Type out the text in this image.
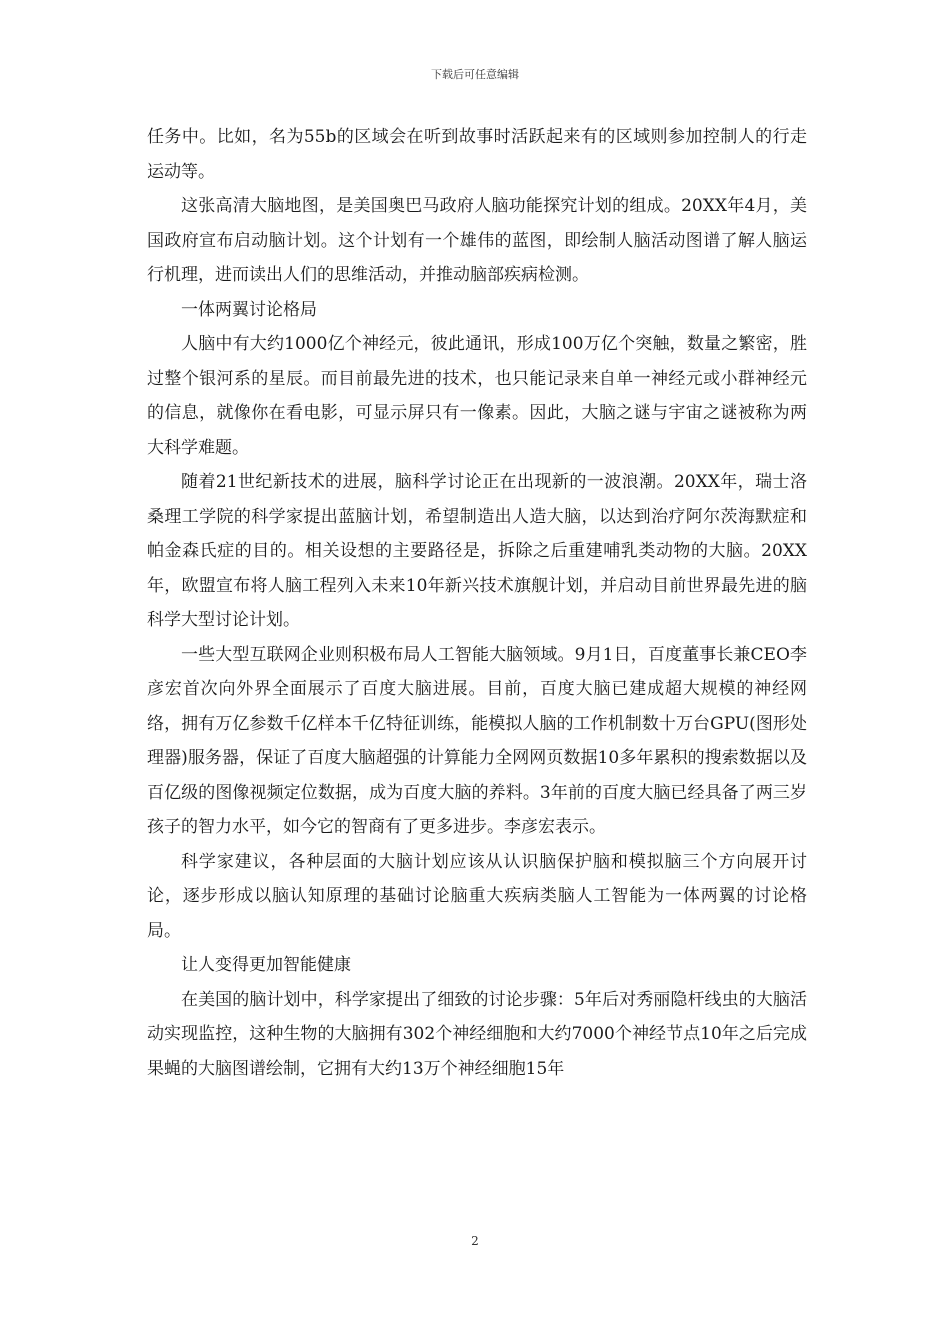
下载后可任意编辑

任务中。比如，名为55b的区域会在听到故事时活跃起来有的区域则参加控制人的行走运动等。

这张高清大脑地图，是美国奥巴马政府人脑功能探究计划的组成。20XX年4月，美国政府宣布启动脑计划。这个计划有一个雄伟的蓝图，即绘制人脑活动图谱了解人脑运行机理，进而读出人们的思维活动，并推动脑部疾病检测。

一体两翼讨论格局

人脑中有大约1000亿个神经元，彼此通讯，形成100万亿个突触，数量之繁密，胜过整个银河系的星辰。而目前最先进的技术，也只能记录来自单一神经元或小群神经元的信息，就像你在看电影，可显示屏只有一像素。因此，大脑之谜与宇宙之谜被称为两大科学难题。

随着21世纪新技术的进展，脑科学讨论正在出现新的一波浪潮。20XX年，瑞士洛桑理工学院的科学家提出蓝脑计划，希望制造出人造大脑，以达到治疗阿尔茨海默症和帕金森氏症的目的。相关设想的主要路径是，拆除之后重建哺乳类动物的大脑。20XX年，欧盟宣布将人脑工程列入未来10年新兴技术旗舰计划，并启动目前世界最先进的脑科学大型讨论计划。

一些大型互联网企业则积极布局人工智能大脑领域。9月1日，百度董事长兼CEO李彦宏首次向外界全面展示了百度大脑进展。目前，百度大脑已建成超大规模的神经网络，拥有万亿参数千亿样本千亿特征训练，能模拟人脑的工作机制数十万台GPU(图形处理器)服务器，保证了百度大脑超强的计算能力全网网页数据10多年累积的搜索数据以及百亿级的图像视频定位数据，成为百度大脑的养料。3年前的百度大脑已经具备了两三岁孩子的智力水平，如今它的智商有了更多进步。李彦宏表示。

科学家建议，各种层面的大脑计划应该从认识脑保护脑和模拟脑三个方向展开讨论，逐步形成以脑认知原理的基础讨论脑重大疾病类脑人工智能为一体两翼的讨论格局。

让人变得更加智能健康

在美国的脑计划中，科学家提出了细致的讨论步骤：5年后对秀丽隐杆线虫的大脑活动实现监控，这种生物的大脑拥有302个神经细胞和大约7000个神经节点10年之后完成果蝇的大脑图谱绘制，它拥有大约13万个神经细胞15年

2
